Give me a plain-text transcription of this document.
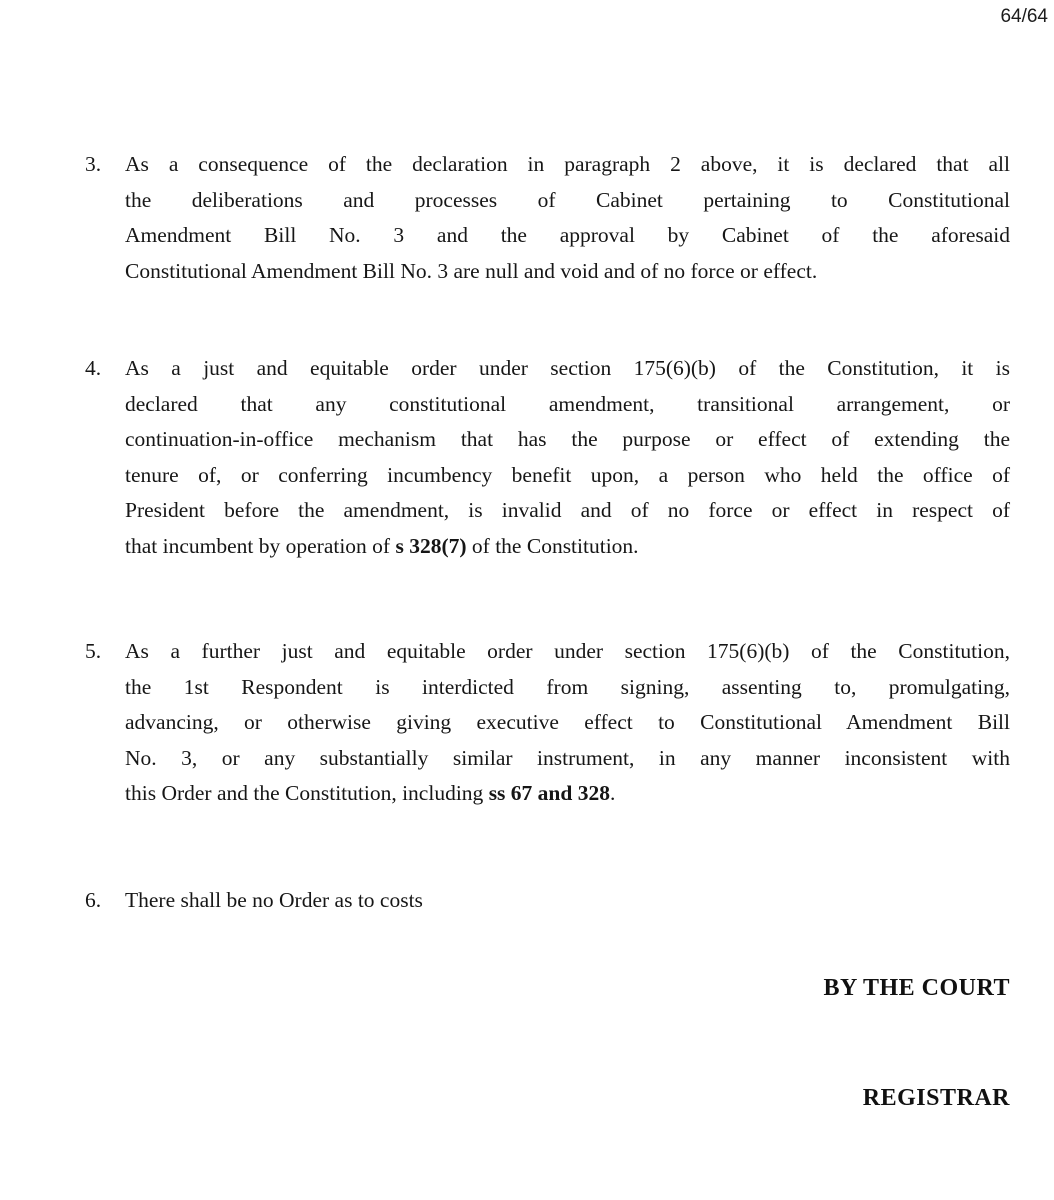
64/64
3.	As a consequence of the declaration in paragraph 2 above, it is declared that all
the deliberations and processes of Cabinet pertaining to Constitutional
Amendment Bill No. 3 and the approval by Cabinet of the aforesaid
Constitutional Amendment Bill No. 3 are null and void and of no force or effect.
4.	As a just and equitable order under section 175(6)(b) of the Constitution, it is
declared that any constitutional amendment, transitional arrangement, or
continuation-in-office mechanism that has the purpose or effect of extending the
tenure of, or conferring incumbency benefit upon, a person who held the office of
President before the amendment, is invalid and of no force or effect in respect of
that incumbent by operation of s 328(7) of the Constitution.
5.	As a further just and equitable order under section 175(6)(b) of the Constitution,
the 1st Respondent is interdicted from signing, assenting to, promulgating,
advancing, or otherwise giving executive effect to Constitutional Amendment Bill
No. 3, or any substantially similar instrument, in any manner inconsistent with
this Order and the Constitution, including ss 67 and 328.
6.	There shall be no Order as to costs
BY THE COURT
REGISTRAR
